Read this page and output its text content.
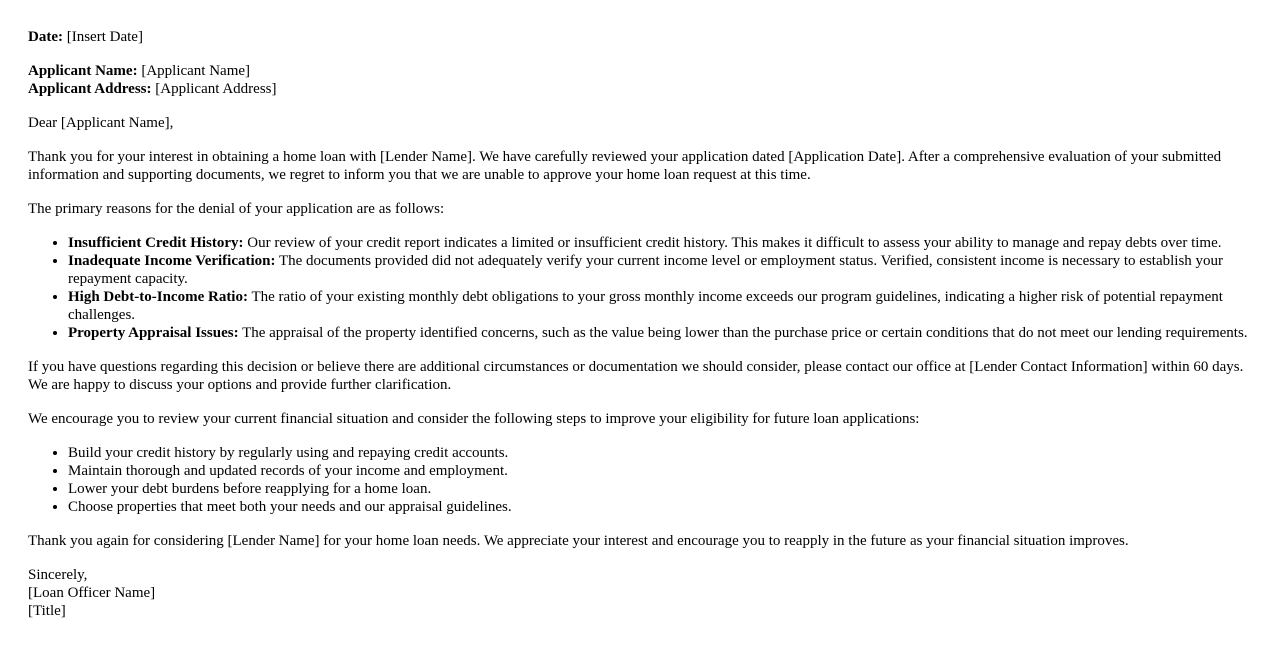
Date: [Insert Date]

Applicant Name: [Applicant Name]
Applicant Address: [Applicant Address]

Dear [Applicant Name],

Thank you for your interest in obtaining a home loan with [Lender Name]. We have carefully reviewed your application dated [Application Date]. After a comprehensive evaluation of your submitted information and supporting documents, we regret to inform you that we are unable to approve your home loan request at this time.

The primary reasons for the denial of your application are as follows:

• Insufficient Credit History: Our review of your credit report indicates a limited or insufficient credit history. This makes it difficult to assess your ability to manage and repay debts over time.
• Inadequate Income Verification: The documents provided did not adequately verify your current income level or employment status. Verified, consistent income is necessary to establish your repayment capacity.
• High Debt-to-Income Ratio: The ratio of your existing monthly debt obligations to your gross monthly income exceeds our program guidelines, indicating a higher risk of potential repayment challenges.
• Property Appraisal Issues: The appraisal of the property identified concerns, such as the value being lower than the purchase price or certain conditions that do not meet our lending requirements.

If you have questions regarding this decision or believe there are additional circumstances or documentation we should consider, please contact our office at [Lender Contact Information] within 60 days. We are happy to discuss your options and provide further clarification.

We encourage you to review your current financial situation and consider the following steps to improve your eligibility for future loan applications:

• Build your credit history by regularly using and repaying credit accounts.
• Maintain thorough and updated records of your income and employment.
• Lower your debt burdens before reapplying for a home loan.
• Choose properties that meet both your needs and our appraisal guidelines.

Thank you again for considering [Lender Name] for your home loan needs. We appreciate your interest and encourage you to reapply in the future as your financial situation improves.

Sincerely,
[Loan Officer Name]
[Title]
